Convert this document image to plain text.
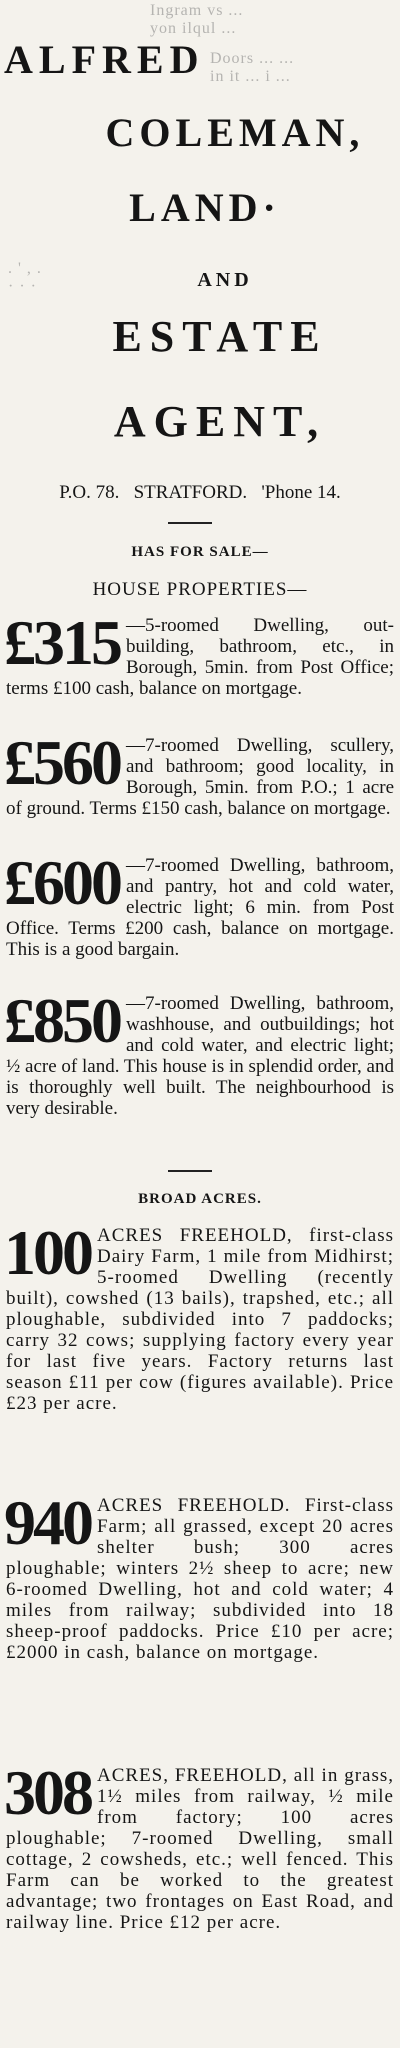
Ingram vs ...
yon ilqul ...
Doors ... ...
in it ... i ...
. ' , .
· · ·
ALFRED
COLEMAN,
LAND·
AND
ESTATE
AGENT,
P.O. 78.   STRATFORD.   'Phone 14.
HAS FOR SALE—
HOUSE PROPERTIES—
£315 —5-roomed Dwelling, out-building, bathroom, etc., in Borough, 5min. from Post Office; terms £100 cash, balance on mortgage.
£560 —7-roomed Dwelling, scullery, and bathroom; good locality, in Borough, 5min. from P.O.; 1 acre of ground. Terms £150 cash, balance on mortgage.
£600 —7-roomed Dwelling, bathroom, and pantry, hot and cold water, electric light; 6 min. from Post Office. Terms £200 cash, balance on mortgage. This is a good bargain.
£850 —7-roomed Dwelling, bathroom, washhouse, and outbuildings; hot and cold water, and electric light; ½ acre of land. This house is in splendid order, and is thoroughly well built. The neighbourhood is very desirable.
BROAD ACRES.
100 ACRES FREEHOLD, first-class Dairy Farm, 1 mile from Midhirst; 5-roomed Dwelling (recently built), cowshed (13 bails), trapshed, etc.; all ploughable, subdivided into 7 paddocks; carry 32 cows; supplying factory every year for last five years. Factory returns last season £11 per cow (figures available). Price £23 per acre.
940 ACRES FREEHOLD. First-class Farm; all grassed, except 20 acres shelter bush; 300 acres ploughable; winters 2½ sheep to acre; new 6-roomed Dwelling, hot and cold water; 4 miles from railway; subdivided into 18 sheep-proof paddocks. Price £10 per acre; £2000 in cash, balance on mortgage.
308 ACRES, FREEHOLD, all in grass, 1½ miles from railway, ½ mile from factory; 100 acres ploughable; 7-roomed Dwelling, small cottage, 2 cowsheds, etc.; well fenced. This Farm can be worked to the greatest advantage; two frontages on East Road, and railway line. Price £12 per acre.
